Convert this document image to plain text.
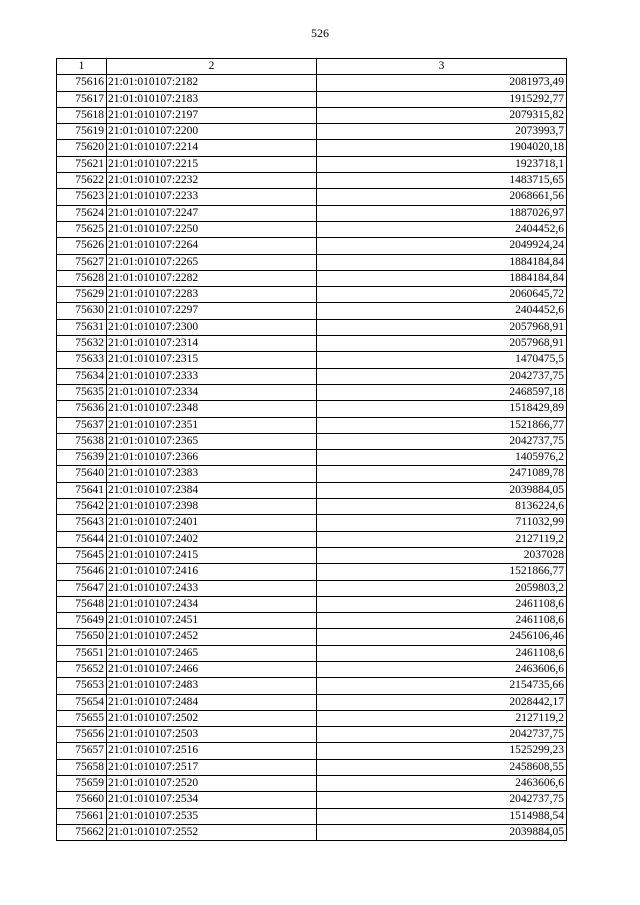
526
1	2	3
75616	21:01:010107:2182	2081973,49
75617	21:01:010107:2183	1915292,77
75618	21:01:010107:2197	2079315,82
75619	21:01:010107:2200	2073993,7
75620	21:01:010107:2214	1904020,18
75621	21:01:010107:2215	1923718,1
75622	21:01:010107:2232	1483715,65
75623	21:01:010107:2233	2068661,56
75624	21:01:010107:2247	1887026,97
75625	21:01:010107:2250	2404452,6
75626	21:01:010107:2264	2049924,24
75627	21:01:010107:2265	1884184,84
75628	21:01:010107:2282	1884184,84
75629	21:01:010107:2283	2060645,72
75630	21:01:010107:2297	2404452,6
75631	21:01:010107:2300	2057968,91
75632	21:01:010107:2314	2057968,91
75633	21:01:010107:2315	1470475,5
75634	21:01:010107:2333	2042737,75
75635	21:01:010107:2334	2468597,18
75636	21:01:010107:2348	1518429,89
75637	21:01:010107:2351	1521866,77
75638	21:01:010107:2365	2042737,75
75639	21:01:010107:2366	1405976,2
75640	21:01:010107:2383	2471089,78
75641	21:01:010107:2384	2039884,05
75642	21:01:010107:2398	8136224,6
75643	21:01:010107:2401	711032,99
75644	21:01:010107:2402	2127119,2
75645	21:01:010107:2415	2037028
75646	21:01:010107:2416	1521866,77
75647	21:01:010107:2433	2059803,2
75648	21:01:010107:2434	2461108,6
75649	21:01:010107:2451	2461108,6
75650	21:01:010107:2452	2456106,46
75651	21:01:010107:2465	2461108,6
75652	21:01:010107:2466	2463606,6
75653	21:01:010107:2483	2154735,66
75654	21:01:010107:2484	2028442,17
75655	21:01:010107:2502	2127119,2
75656	21:01:010107:2503	2042737,75
75657	21:01:010107:2516	1525299,23
75658	21:01:010107:2517	2458608,55
75659	21:01:010107:2520	2463606,6
75660	21:01:010107:2534	2042737,75
75661	21:01:010107:2535	1514988,54
75662	21:01:010107:2552	2039884,05
